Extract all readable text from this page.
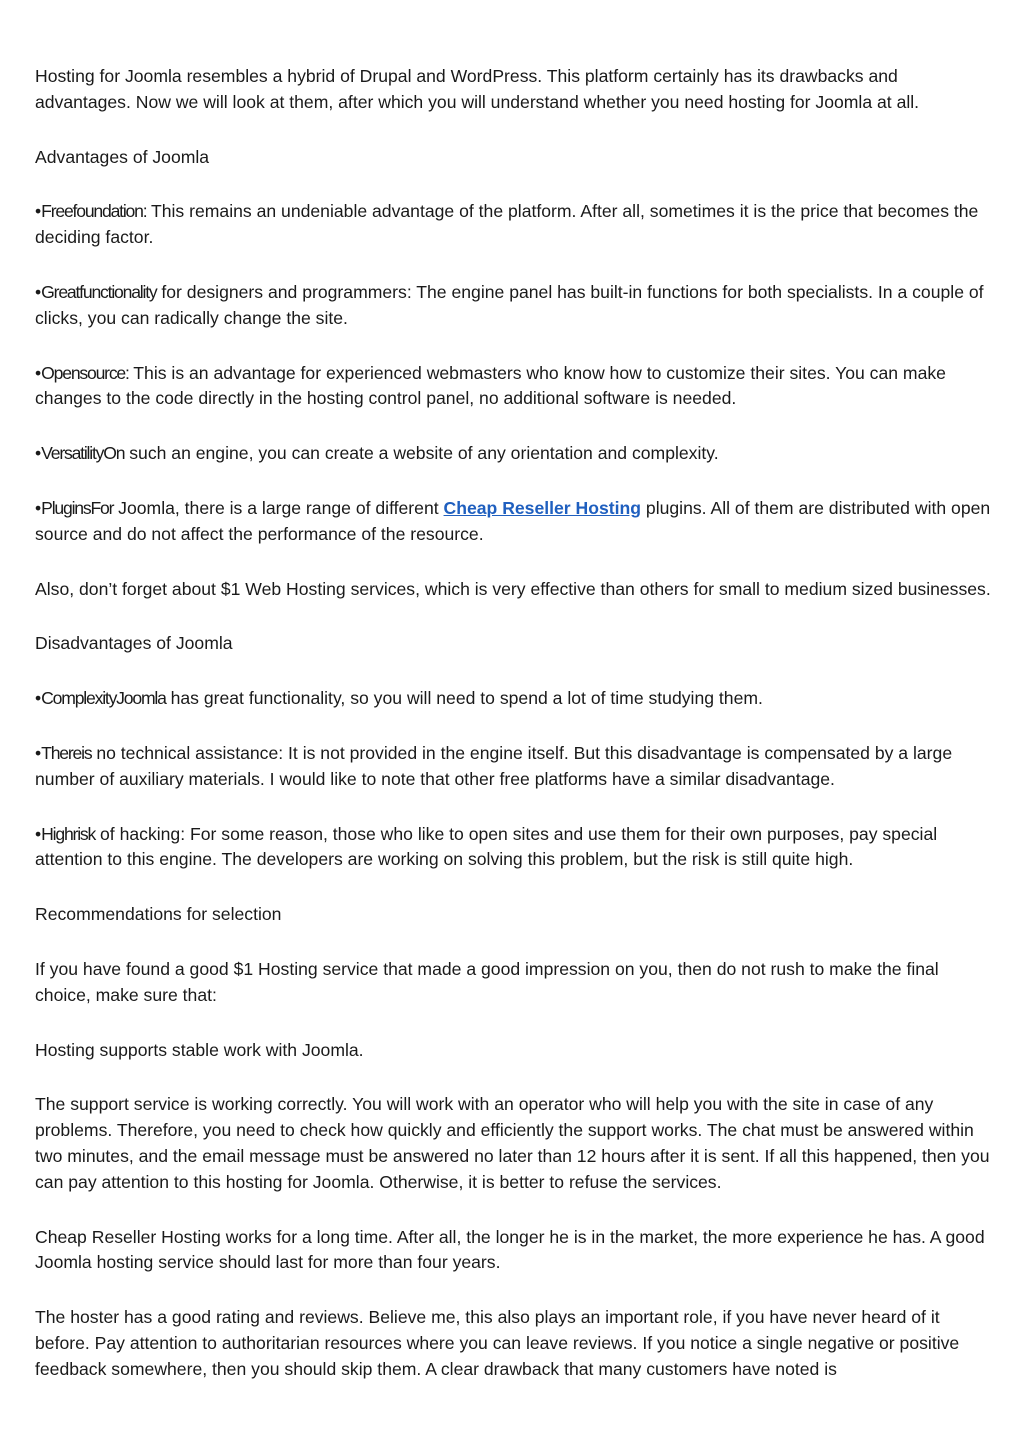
Hosting for Joomla resembles a hybrid of Drupal and WordPress. This platform certainly has its drawbacks and advantages. Now we will look at them, after which you will understand whether you need hosting for Joomla at all.

Advantages of Joomla

•Freefoundation: This remains an undeniable advantage of the platform. After all, sometimes it is the price that becomes the deciding factor.

•Greatfunctionality for designers and programmers: The engine panel has built-in functions for both specialists. In a couple of clicks, you can radically change the site.

•Opensource: This is an advantage for experienced webmasters who know how to customize their sites. You can make changes to the code directly in the hosting control panel, no additional software is needed.

•VersatilityOn such an engine, you can create a website of any orientation and complexity.

•PluginsFor Joomla, there is a large range of different Cheap Reseller Hosting plugins. All of them are distributed with open source and do not affect the performance of the resource.

Also, don’t forget about $1 Web Hosting services, which is very effective than others for small to medium sized businesses.

Disadvantages of Joomla

•ComplexityJoomla has great functionality, so you will need to spend a lot of time studying them.

•Thereis no technical assistance: It is not provided in the engine itself. But this disadvantage is compensated by a large number of auxiliary materials. I would like to note that other free platforms have a similar disadvantage.

•Highrisk of hacking: For some reason, those who like to open sites and use them for their own purposes, pay special attention to this engine. The developers are working on solving this problem, but the risk is still quite high.

Recommendations for selection

If you have found a good $1 Hosting service that made a good impression on you, then do not rush to make the final choice, make sure that:

Hosting supports stable work with Joomla.

The support service is working correctly. You will work with an operator who will help you with the site in case of any problems. Therefore, you need to check how quickly and efficiently the support works. The chat must be answered within two minutes, and the email message must be answered no later than 12 hours after it is sent. If all this happened, then you can pay attention to this hosting for Joomla. Otherwise, it is better to refuse the services.

Cheap Reseller Hosting works for a long time. After all, the longer he is in the market, the more experience he has. A good Joomla hosting service should last for more than four years.

The hoster has a good rating and reviews. Believe me, this also plays an important role, if you have never heard of it before. Pay attention to authoritarian resources where you can leave reviews. If you notice a single negative or positive feedback somewhere, then you should skip them. A clear drawback that many customers have noted is
